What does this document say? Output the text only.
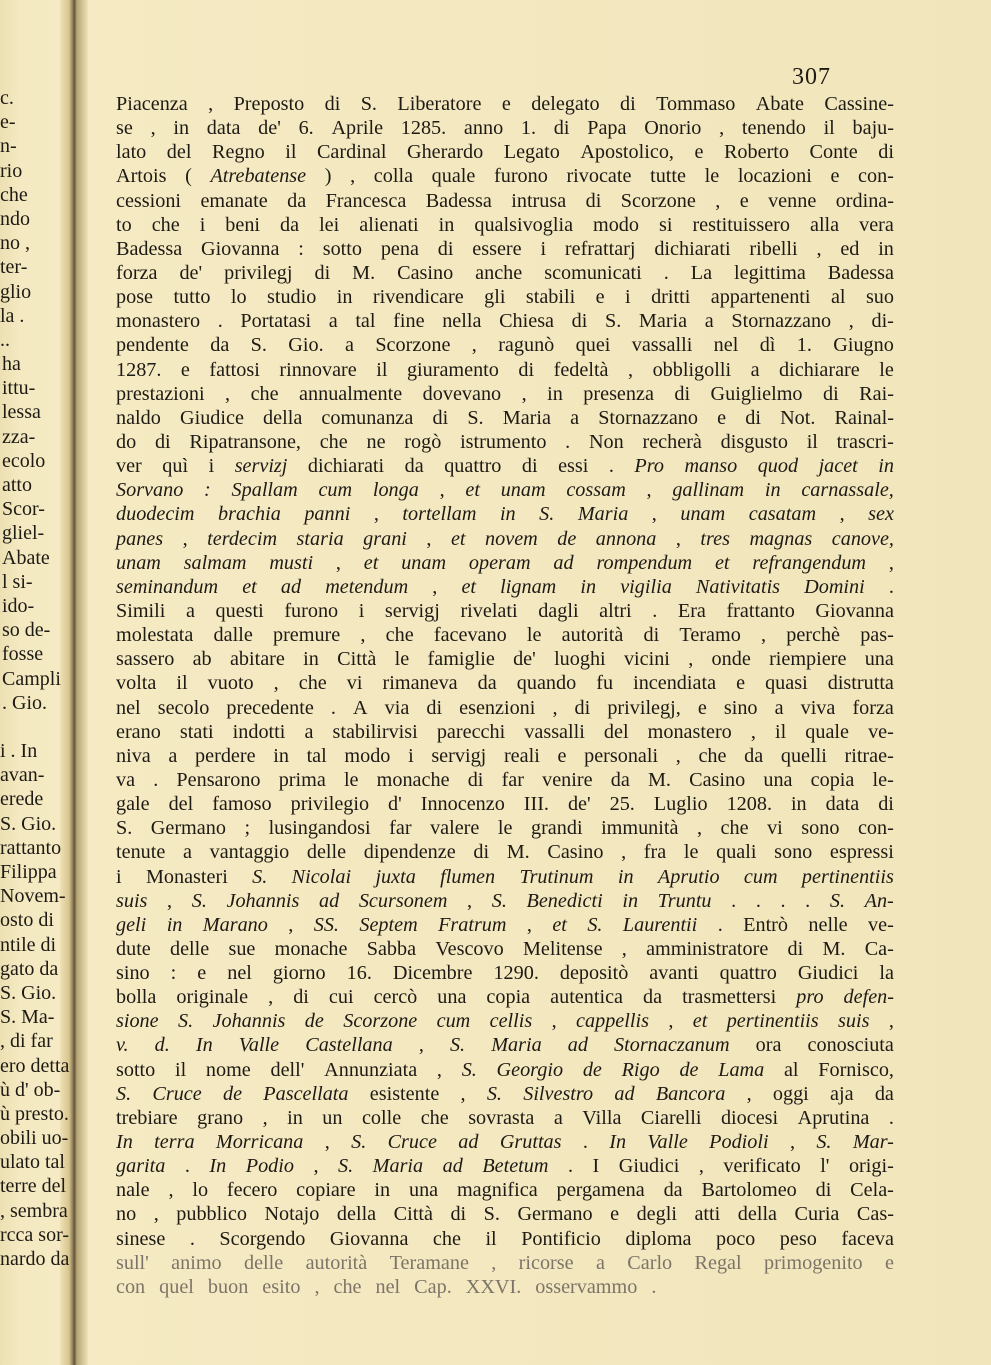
c.
e-
n-
rio
che
ndo
no ,
ter-
glio
la .
..
ha
ittu-
lessa
zza-
ecolo
atto
Scor-
gliel-
Abate
l si-
ido-
so de-
fosse
Campli
. Gio.
i . In
avan-
erede
S. Gio.
rattanto
Filippa
Novem-
osto di
ntile di
gato da
S. Gio.
S. Ma-
, di far
ero detta
ù d' ob-
ù presto.
obili uo-
ulato tal
terre del
, sembra
rcca sor-
nardo da
307
Piacenza , Preposto di S. Liberatore e delegato di Tommaso Abate Cassine-
se , in data de' 6. Aprile 1285. anno 1. di Papa Onorio , tenendo il baju-
lato del Regno il Cardinal Gherardo Legato Apostolico, e Roberto Conte di
Artois ( Atrebatense ) , colla quale furono rivocate tutte le locazioni e con-
cessioni emanate da Francesca Badessa intrusa di Scorzone , e venne ordina-
to che i beni da lei alienati in qualsivoglia modo si restituissero alla vera
Badessa Giovanna : sotto pena di essere i refrattarj dichiarati ribelli , ed in
forza de' privilegj di M. Casino anche scomunicati . La legittima Badessa
pose tutto lo studio in rivendicare gli stabili e i dritti appartenenti al suo
monastero . Portatasi a tal fine nella Chiesa di S. Maria a Stornazzano , di-
pendente da S. Gio. a Scorzone , ragunò quei vassalli nel dì 1. Giugno
1287. e fattosi rinnovare il giuramento di fedeltà , obbligolli a dichiarare le
prestazioni , che annualmente dovevano , in presenza di Guiglielmo di Rai-
naldo Giudice della comunanza di S. Maria a Stornazzano e di Not. Rainal-
do di Ripatransone, che ne rogò istrumento . Non recherà disgusto il trascri-
ver quì i servizj dichiarati da quattro di essi . Pro manso quod jacet in
Sorvano : Spallam cum longa , et unam cossam , gallinam in carnassale,
duodecim brachia panni , tortellam in S. Maria , unam casatam , sex
panes , terdecim staria grani , et novem de annona , tres magnas canove,
unam salmam musti , et unam operam ad rompendum et refrangendum ,
seminandum et ad metendum , et lignam in vigilia Nativitatis Domini .
Simili a questi furono i servigj rivelati dagli altri . Era frattanto Giovanna
molestata dalle premure , che facevano le autorità di Teramo , perchè pas-
sassero ab abitare in Città le famiglie de' luoghi vicini , onde riempiere una
volta il vuoto , che vi rimaneva da quando fu incendiata e quasi distrutta
nel secolo precedente . A via di esenzioni , di privilegj, e sino a viva forza
erano stati indotti a stabilirvisi parecchi vassalli del monastero , il quale ve-
niva a perdere in tal modo i servigj reali e personali , che da quelli ritrae-
va . Pensarono prima le monache di far venire da M. Casino una copia le-
gale del famoso privilegio d' Innocenzo III. de' 25. Luglio 1208. in data di
S. Germano ; lusingandosi far valere le grandi immunità , che vi sono con-
tenute a vantaggio delle dipendenze di M. Casino , fra le quali sono espressi
i Monasteri S. Nicolai juxta flumen Trutinum in Aprutio cum pertinentiis
suis , S. Johannis ad Scursonem , S. Benedicti in Truntu . . . . S. An-
geli in Marano , SS. Septem Fratrum , et S. Laurentii . Entrò nelle ve-
dute delle sue monache Sabba Vescovo Melitense , amministratore di M. Ca-
sino : e nel giorno 16. Dicembre 1290. depositò avanti quattro Giudici la
bolla originale , di cui cercò una copia autentica da trasmettersi pro defen-
sione S. Johannis de Scorzone cum cellis , cappellis , et pertinentiis suis ,
v. d. In Valle Castellana , S. Maria ad Stornaczanum ora conosciuta
sotto il nome dell' Annunziata , S. Georgio de Rigo de Lama al Fornisco,
S. Cruce de Pascellata esistente , S. Silvestro ad Bancora , oggi aja da
trebiare grano , in un colle che sovrasta a Villa Ciarelli diocesi Aprutina .
In terra Morricana , S. Cruce ad Gruttas . In Valle Podioli , S. Mar-
garita . In Podio , S. Maria ad Betetum . I Giudici , verificato l' origi-
nale , lo fecero copiare in una magnifica pergamena da Bartolomeo di Cela-
no , pubblico Notajo della Città di S. Germano e degli atti della Curia Cas-
sinese . Scorgendo Giovanna che il Pontificio diploma poco peso faceva
sull' animo delle autorità Teramane , ricorse a Carlo Regal primogenito e
con quel buon esito , che nel Cap. XXVI. osservammo .
